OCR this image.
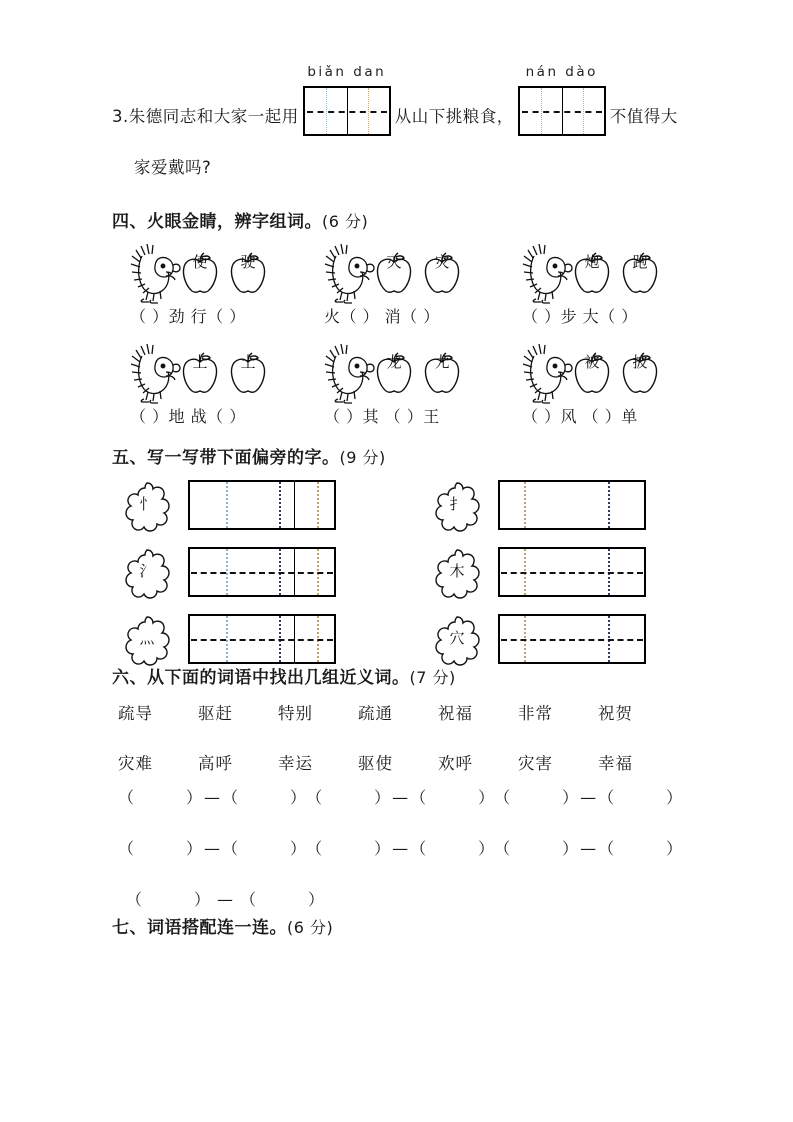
3. 朱德同志和大家一起用
biǎn dan
从山下挑粮食，
nán dào
不值得大
家爱戴吗?
四、火眼金睛，辨字组词。(6 分)
使	驶
（ ）劲 行（ ）
灭	灾
火（ ） 消（ ）
炮	跑
（ ）步 大（ ）
上	土
（ ）地 战（ ）
龙	尤
（ ）其 （ ）王
被	披
（ ）风 （ ）单
五、写一写带下面偏旁的字。(9 分)
忄	扌
氵	木
灬	穴
六、从下面的词语中找出几组近义词。(7 分)
疏导	驱赶	特别	疏通	祝福	非常	祝贺
灾难	高呼	幸运	驱使	欢呼	灾害	幸福
（	） — （	） （	） — （	） （	） — （	）
（	） — （	） （	） — （	） （	） — （	）
（	） — （	）
七、词语搭配连一连。(6 分)
